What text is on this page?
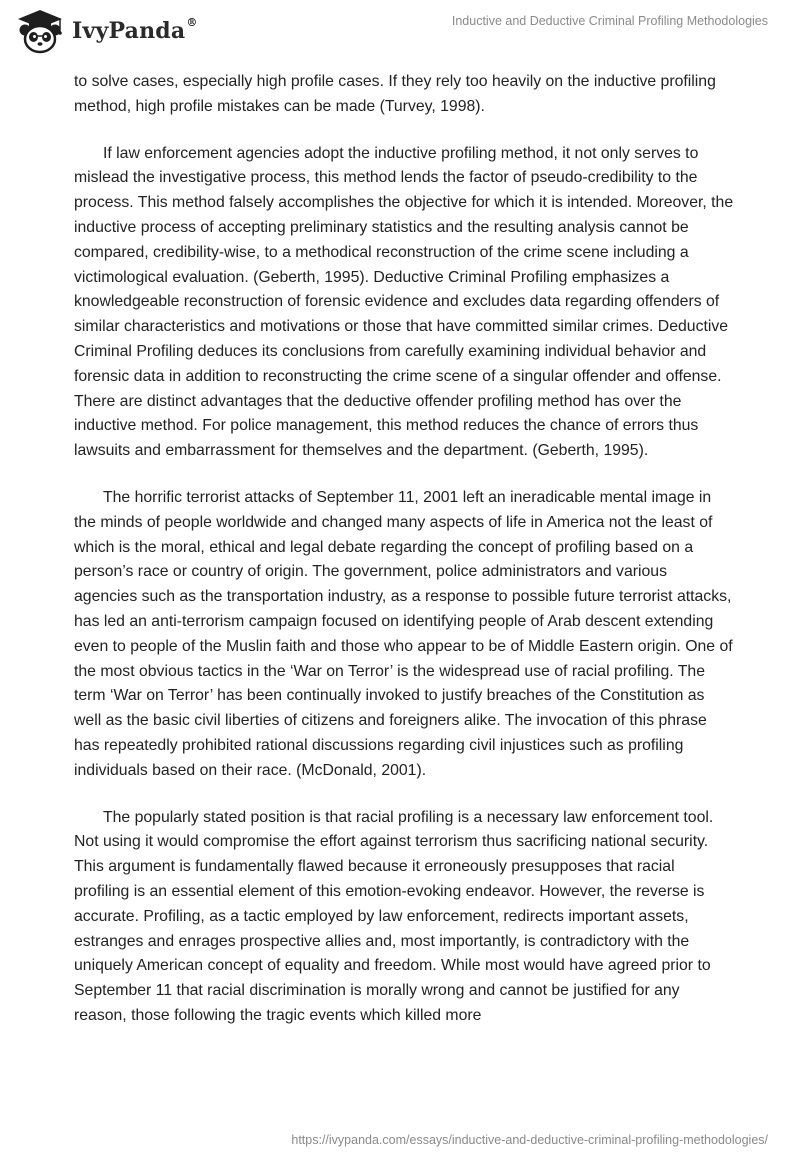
IvyPanda®	Inductive and Deductive Criminal Profiling Methodologies

to solve cases, especially high profile cases. If they rely too heavily on the inductive profiling method, high profile mistakes can be made (Turvey, 1998).

If law enforcement agencies adopt the inductive profiling method, it not only serves to mislead the investigative process, this method lends the factor of pseudo-credibility to the process. This method falsely accomplishes the objective for which it is intended. Moreover, the inductive process of accepting preliminary statistics and the resulting analysis cannot be compared, credibility-wise, to a methodical reconstruction of the crime scene including a victimological evaluation. (Geberth, 1995). Deductive Criminal Profiling emphasizes a knowledgeable reconstruction of forensic evidence and excludes data regarding offenders of similar characteristics and motivations or those that have committed similar crimes. Deductive Criminal Profiling deduces its conclusions from carefully examining individual behavior and forensic data in addition to reconstructing the crime scene of a singular offender and offense. There are distinct advantages that the deductive offender profiling method has over the inductive method. For police management, this method reduces the chance of errors thus lawsuits and embarrassment for themselves and the department. (Geberth, 1995).

The horrific terrorist attacks of September 11, 2001 left an ineradicable mental image in the minds of people worldwide and changed many aspects of life in America not the least of which is the moral, ethical and legal debate regarding the concept of profiling based on a person’s race or country of origin. The government, police administrators and various agencies such as the transportation industry, as a response to possible future terrorist attacks, has led an anti-terrorism campaign focused on identifying people of Arab descent extending even to people of the Muslin faith and those who appear to be of Middle Eastern origin. One of the most obvious tactics in the ‘War on Terror’ is the widespread use of racial profiling. The term ‘War on Terror’ has been continually invoked to justify breaches of the Constitution as well as the basic civil liberties of citizens and foreigners alike. The invocation of this phrase has repeatedly prohibited rational discussions regarding civil injustices such as profiling individuals based on their race. (McDonald, 2001).

The popularly stated position is that racial profiling is a necessary law enforcement tool. Not using it would compromise the effort against terrorism thus sacrificing national security. This argument is fundamentally flawed because it erroneously presupposes that racial profiling is an essential element of this emotion-evoking endeavor. However, the reverse is accurate. Profiling, as a tactic employed by law enforcement, redirects important assets, estranges and enrages prospective allies and, most importantly, is contradictory with the uniquely American concept of equality and freedom. While most would have agreed prior to September 11 that racial discrimination is morally wrong and cannot be justified for any reason, those following the tragic events which killed more

https://ivypanda.com/essays/inductive-and-deductive-criminal-profiling-methodologies/
